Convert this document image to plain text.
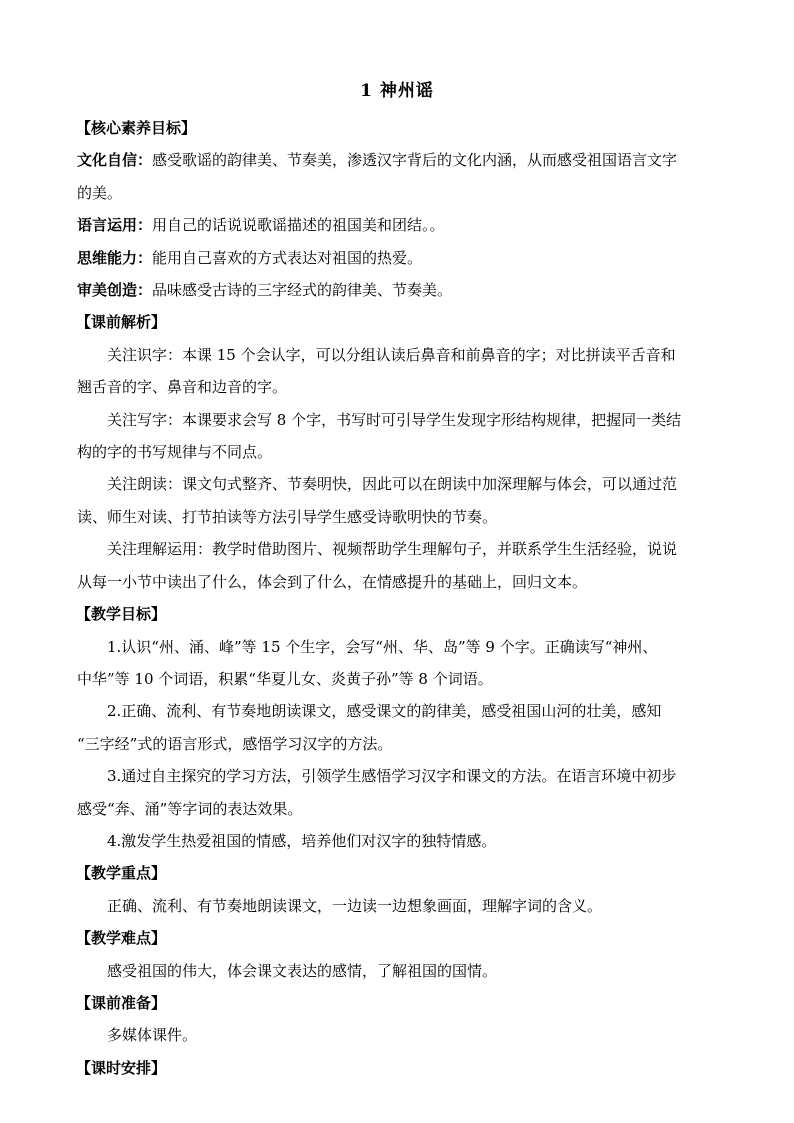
1 神州谣

【核心素养目标】

文化自信：感受歌谣的韵律美、节奏美，渗透汉字背后的文化内涵，从而感受祖国语言文字

的美。

语言运用：用自己的话说说歌谣描述的祖国美和团结。。

思维能力：能用自己喜欢的方式表达对祖国的热爱。

审美创造：品味感受古诗的三字经式的韵律美、节奏美。

【课前解析】

关注识字：本课 15 个会认字，可以分组认读后鼻音和前鼻音的字；对比拼读平舌音和

翘舌音的字、鼻音和边音的字。

关注写字：本课要求会写 8 个字，书写时可引导学生发现字形结构规律，把握同一类结

构的字的书写规律与不同点。

关注朗读：课文句式整齐、节奏明快，因此可以在朗读中加深理解与体会，可以通过范

读、师生对读、打节拍读等方法引导学生感受诗歌明快的节奏。

关注理解运用：教学时借助图片、视频帮助学生理解句子，并联系学生生活经验，说说

从每一小节中读出了什么，体会到了什么，在情感提升的基础上，回归文本。

【教学目标】

1.认识“州、涌、峰”等 15 个生字，会写“州、华、岛”等 9 个字。正确读写“神州、

中华”等 10 个词语，积累“华夏儿女、炎黄子孙”等 8 个词语。

2.正确、流利、有节奏地朗读课文，感受课文的韵律美，感受祖国山河的壮美，感知

“三字经”式的语言形式，感悟学习汉字的方法。

3.通过自主探究的学习方法，引领学生感悟学习汉字和课文的方法。在语言环境中初步

感受“奔、涌”等字词的表达效果。

4.激发学生热爱祖国的情感，培养他们对汉字的独特情感。

【教学重点】

正确、流利、有节奏地朗读课文，一边读一边想象画面，理解字词的含义。

【教学难点】

感受祖国的伟大，体会课文表达的感情，了解祖国的国情。

【课前准备】

多媒体课件。

【课时安排】
